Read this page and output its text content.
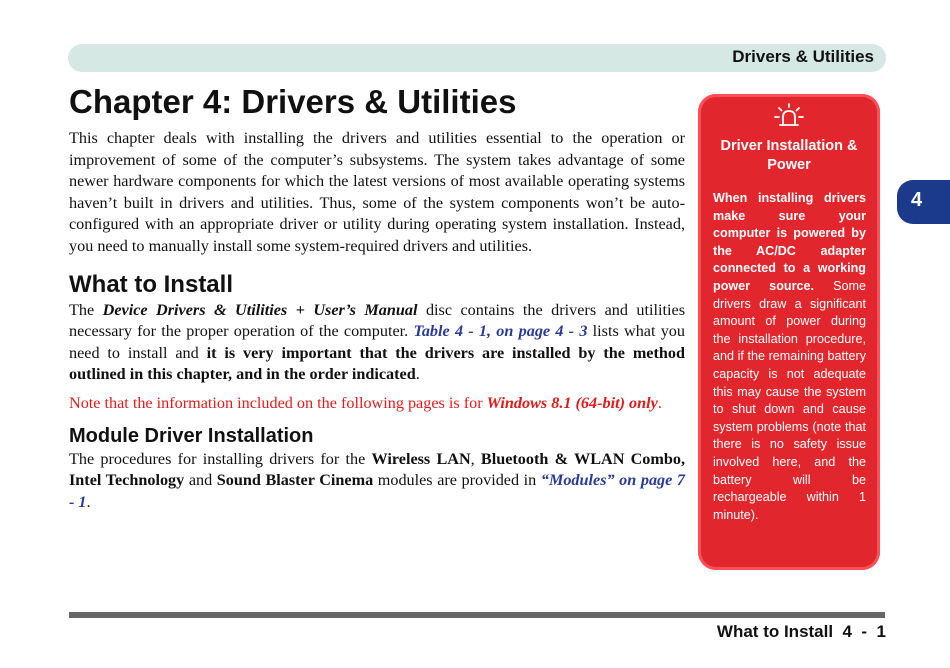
Drivers & Utilities
4
Chapter 4: Drivers & Utilities

This chapter deals with installing the drivers and utilities essential to the operation or improvement of some of the computer’s subsystems. The system takes advantage of some newer hardware components for which the latest versions of most available operating systems haven’t built in drivers and utilities. Thus, some of the system components won’t be auto-configured with an appropriate driver or utility during operating system installation. Instead, you need to manually install some system-required drivers and utilities.

What to Install

The Device Drivers & Utilities + User’s Manual disc contains the drivers and utilities necessary for the proper operation of the computer. Table 4 - 1, on page 4 - 3 lists what you need to install and it is very important that the drivers are installed by the method outlined in this chapter, and in the order indicated.

Note that the information included on the following pages is for Windows 8.1 (64-bit) only.

Module Driver Installation

The procedures for installing drivers for the Wireless LAN, Bluetooth & WLAN Combo, Intel Technology and Sound Blaster Cinema modules are provided in “Modules” on page 7 - 1.

Driver Installation & Power
When installing drivers make sure your computer is powered by the AC/DC adapter connected to a working power source. Some drivers draw a significant amount of power during the installation procedure, and if the remaining battery capacity is not adequate this may cause the system to shut down and cause system problems (note that there is no safety issue involved here, and the battery will be rechargeable within 1 minute).
What to Install  4  -  1
